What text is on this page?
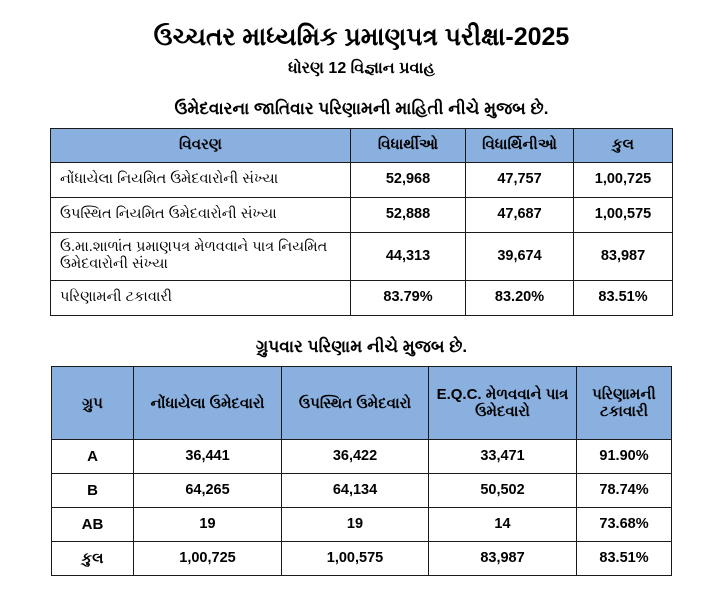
ઉચ્ચતર માધ્યમિક પ્રમાણપત્ર પરીક્ષા-2025
ધોરણ 12 વિજ્ઞાન પ્રવાહ
ઉમેદવારના જાતિવાર પરિણામની માહિતી નીચે મુજબ છે.
વિવરણ	વિધાર્થીઓ	વિધાર્થિનીઓ	કુલ
નોંધાયેલા નિયમિત ઉમેદવારોની સંખ્યા	52,968	47,757	1,00,725
ઉપસ્થિત નિયમિત ઉમેદવારોની સંખ્યા	52,888	47,687	1,00,575
ઉ.મા.શાળાંત પ્રમાણપત્ર મેળવવાને પાત્ર નિયમિત ઉમેદવારોની સંખ્યા	44,313	39,674	83,987
પરિણામની ટકાવારી	83.79%	83.20%	83.51%
ગ્રુપવાર પરિણામ નીચે મુજબ છે.
ગ્રુપ	નોંધાયેલા ઉમેદવારો	ઉપસ્થિત ઉમેદવારો	E.Q.C. મેળવવાને પાત્ર ઉમેદવારો	પરિણામની ટકાવારી
A	36,441	36,422	33,471	91.90%
B	64,265	64,134	50,502	78.74%
AB	19	19	14	73.68%
કુલ	1,00,725	1,00,575	83,987	83.51%
